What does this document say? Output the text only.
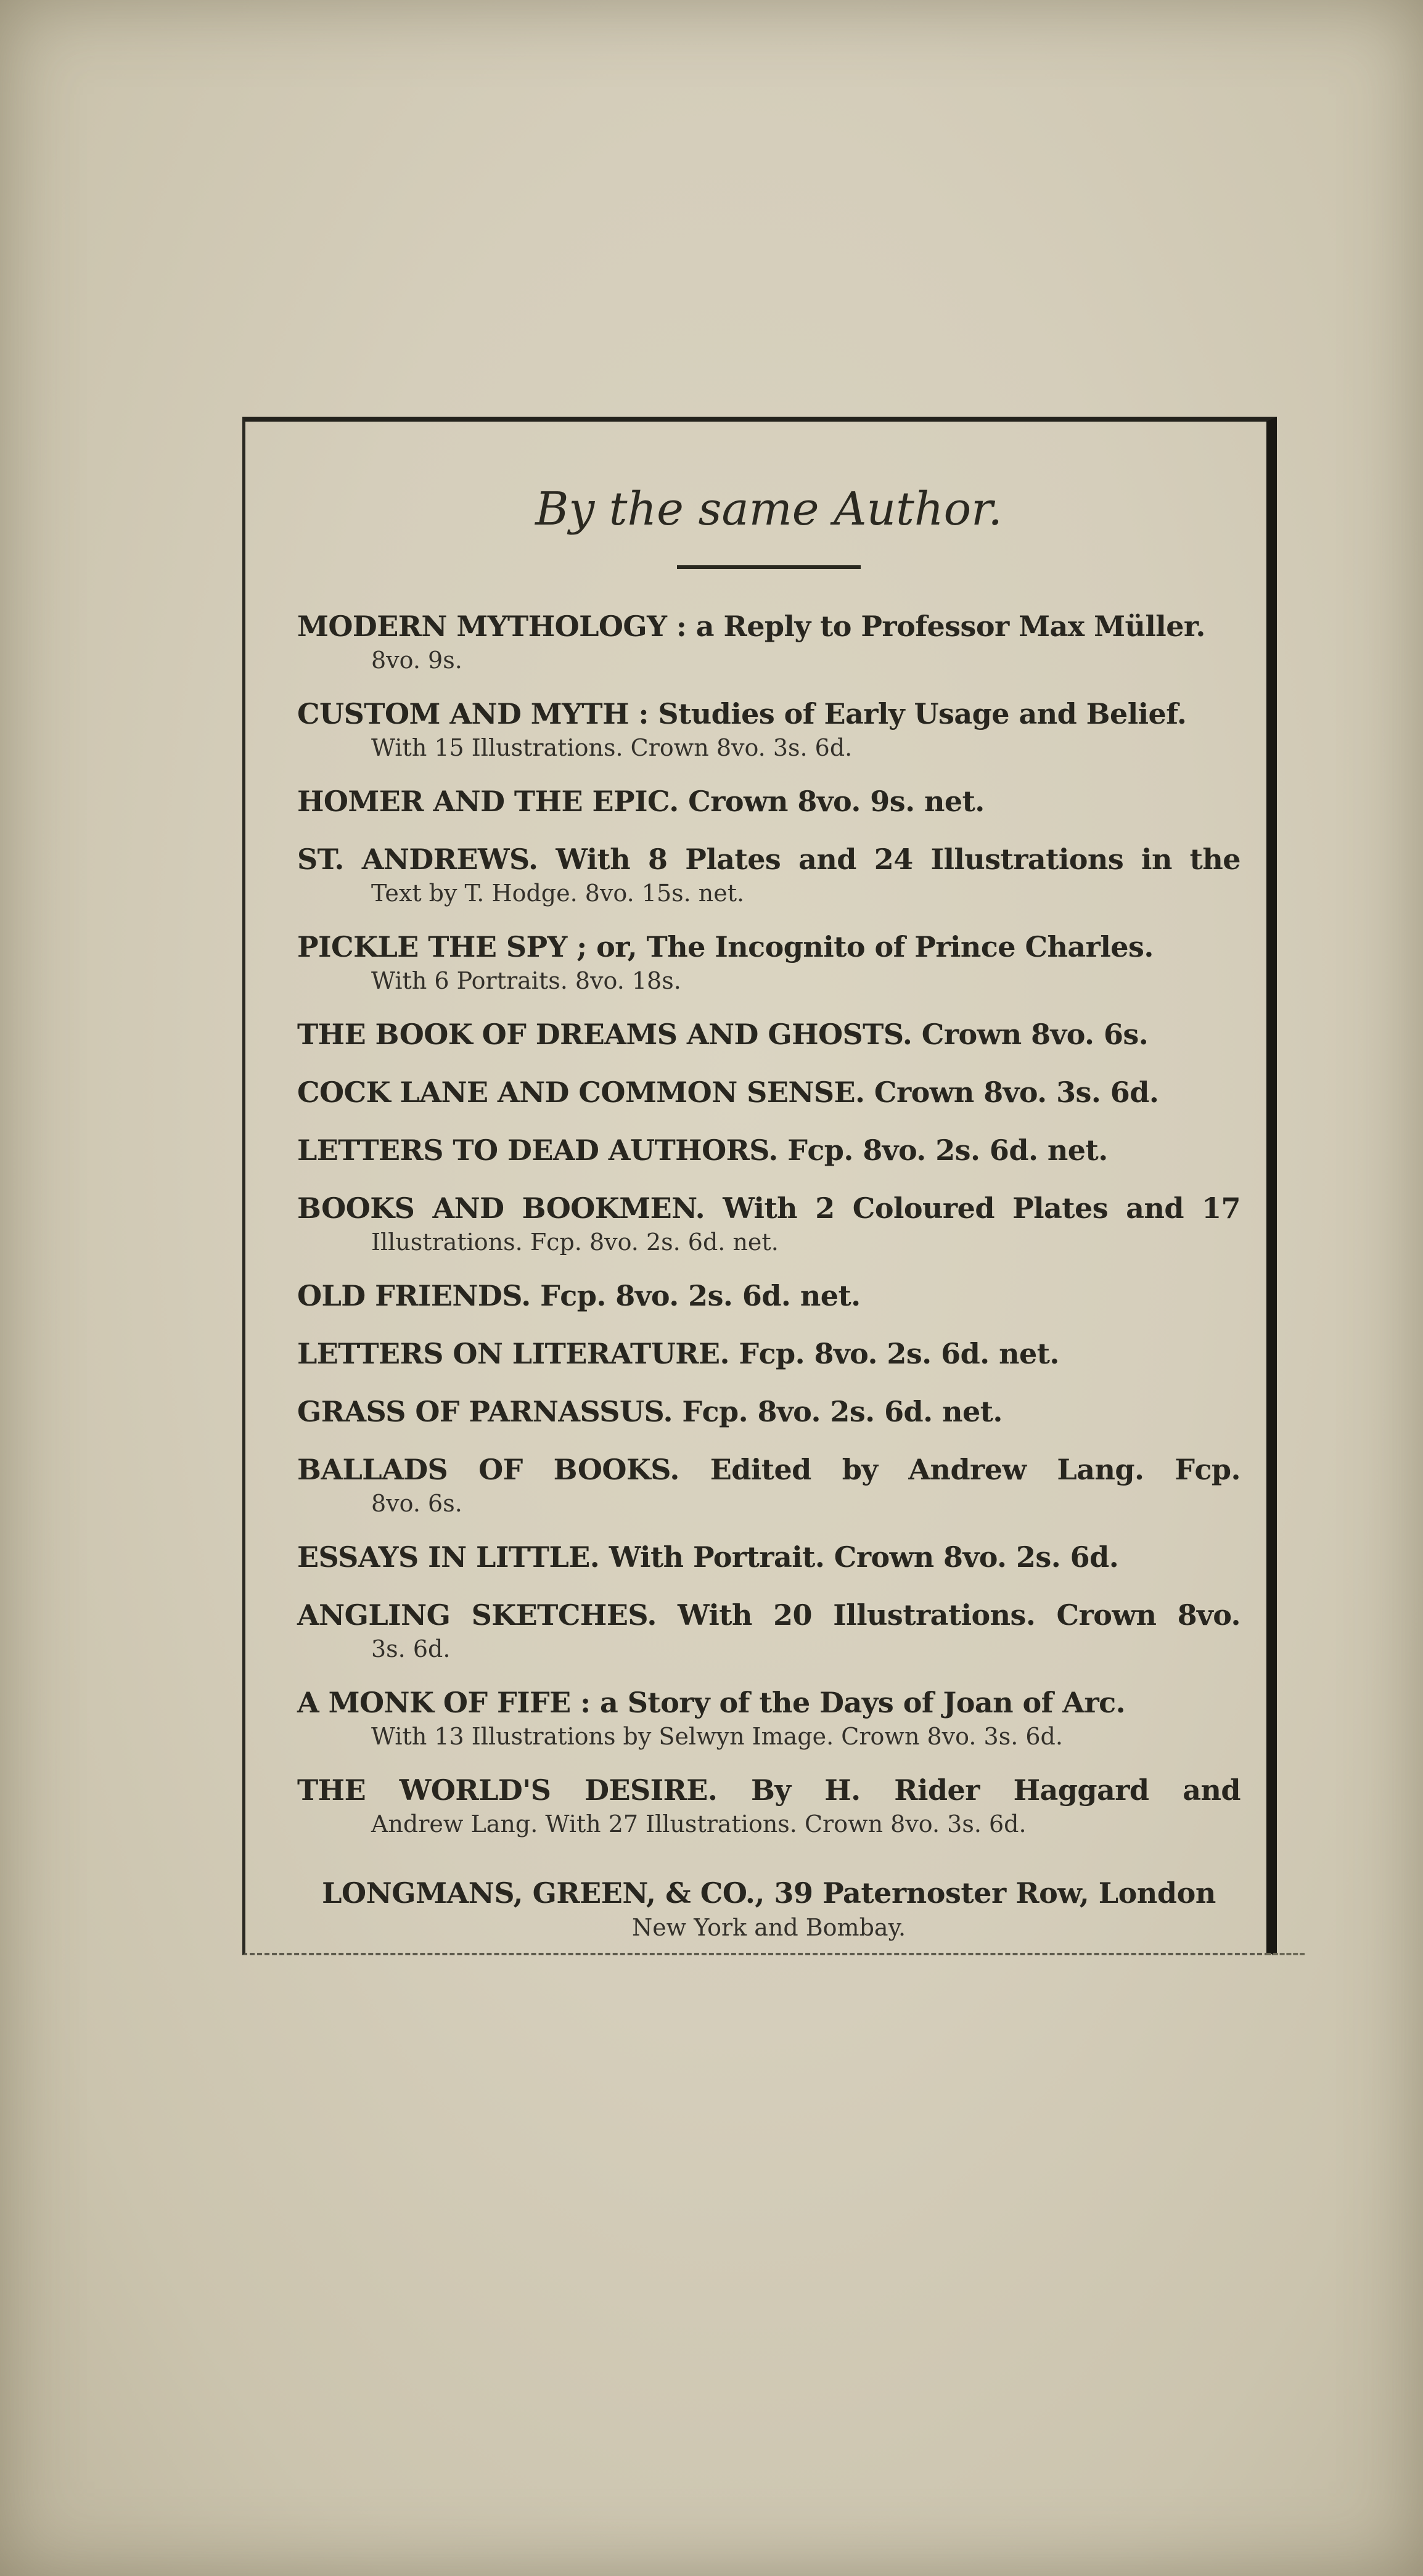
By the same Author.
MODERN MYTHOLOGY : a Reply to Professor Max Müller.
8vo. 9s.
CUSTOM AND MYTH : Studies of Early Usage and Belief.
With 15 Illustrations. Crown 8vo. 3s. 6d.
HOMER AND THE EPIC. Crown 8vo. 9s. net.
ST. ANDREWS. With 8 Plates and 24 Illustrations in the
Text by T. Hodge. 8vo. 15s. net.
PICKLE THE SPY ; or, The Incognito of Prince Charles.
With 6 Portraits. 8vo. 18s.
THE BOOK OF DREAMS AND GHOSTS. Crown 8vo. 6s.
COCK LANE AND COMMON SENSE. Crown 8vo. 3s. 6d.
LETTERS TO DEAD AUTHORS. Fcp. 8vo. 2s. 6d. net.
BOOKS AND BOOKMEN. With 2 Coloured Plates and 17
Illustrations. Fcp. 8vo. 2s. 6d. net.
OLD FRIENDS. Fcp. 8vo. 2s. 6d. net.
LETTERS ON LITERATURE. Fcp. 8vo. 2s. 6d. net.
GRASS OF PARNASSUS. Fcp. 8vo. 2s. 6d. net.
BALLADS OF BOOKS. Edited by Andrew Lang. Fcp.
8vo. 6s.
ESSAYS IN LITTLE. With Portrait. Crown 8vo. 2s. 6d.
ANGLING SKETCHES. With 20 Illustrations. Crown 8vo.
3s. 6d.
A MONK OF FIFE : a Story of the Days of Joan of Arc.
With 13 Illustrations by Selwyn Image. Crown 8vo. 3s. 6d.
THE WORLD'S DESIRE. By H. Rider Haggard and
Andrew Lang. With 27 Illustrations. Crown 8vo. 3s. 6d.
LONGMANS, GREEN, & CO., 39 Paternoster Row, London
New York and Bombay.
